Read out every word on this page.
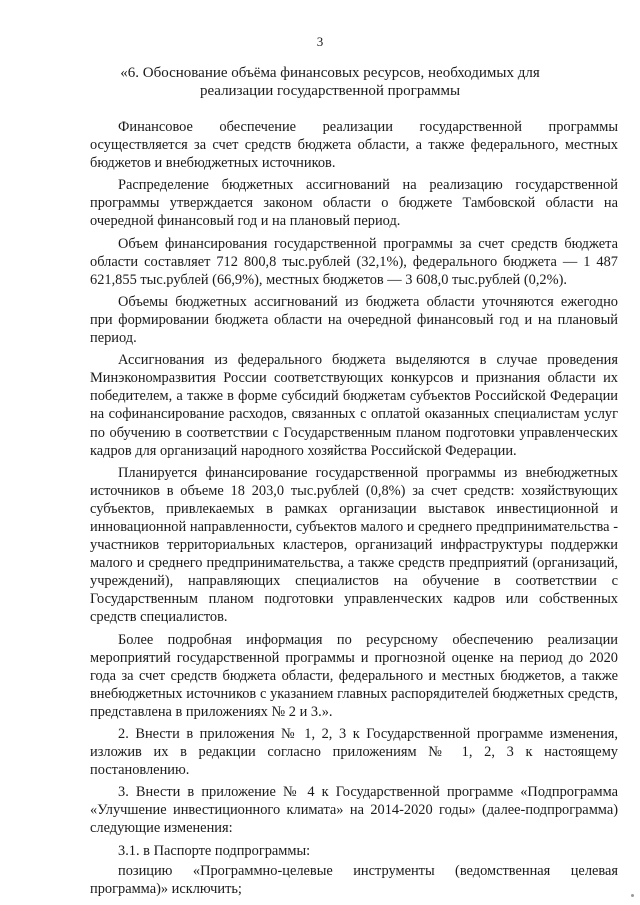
3
«6. Обоснование объёма финансовых ресурсов, необходимых для реализации государственной программы

Финансовое обеспечение реализации государственной программы осуществляется за счет средств бюджета области, а также федерального, местных бюджетов и внебюджетных источников.

Распределение бюджетных ассигнований на реализацию государственной программы утверждается законом области о бюджете Тамбовской области на очередной финансовый год и на плановый период.

Объем финансирования государственной программы за счет средств бюджета области составляет 712 800,8 тыс.рублей (32,1%), федерального бюджета — 1 487 621,855 тыс.рублей (66,9%), местных бюджетов — 3 608,0 тыс.рублей (0,2%).

Объемы бюджетных ассигнований из бюджета области уточняются ежегодно при формировании бюджета области на очередной финансовый год и на плановый период.

Ассигнования из федерального бюджета выделяются в случае проведения Минэкономразвития России соответствующих конкурсов и признания области их победителем, а также в форме субсидий бюджетам субъектов Российской Федерации на софинансирование расходов, связанных с оплатой оказанных специалистам услуг по обучению в соответствии с Государственным планом подготовки управленческих кадров для организаций народного хозяйства Российской Федерации.

Планируется финансирование государственной программы из внебюджетных источников в объеме 18 203,0 тыс.рублей (0,8%) за счет средств: хозяйствующих субъектов, привлекаемых в рамках организации выставок инвестиционной и инновационной направленности, субъектов малого и среднего предпринимательства - участников территориальных кластеров, организаций инфраструктуры поддержки малого и среднего предпринимательства, а также средств предприятий (организаций, учреждений), направляющих специалистов на обучение в соответствии с Государственным планом подготовки управленческих кадров или собственных средств специалистов.

Более подробная информация по ресурсному обеспечению реализации мероприятий государственной программы и прогнозной оценке на период до 2020 года за счет средств бюджета области, федерального и местных бюджетов, а также внебюджетных источников с указанием главных распорядителей бюджетных средств, представлена в приложениях № 2 и 3.».

2. Внести в приложения № 1, 2, 3 к Государственной программе изменения, изложив их в редакции согласно приложениям № 1, 2, 3 к настоящему постановлению.

3. Внести в приложение № 4 к Государственной программе «Подпрограмма «Улучшение инвестиционного климата» на 2014-2020 годы» (далее-подпрограмма) следующие изменения:

3.1. в Паспорте подпрограммы:

позицию «Программно-целевые инструменты (ведомственная целевая программа)» исключить;
